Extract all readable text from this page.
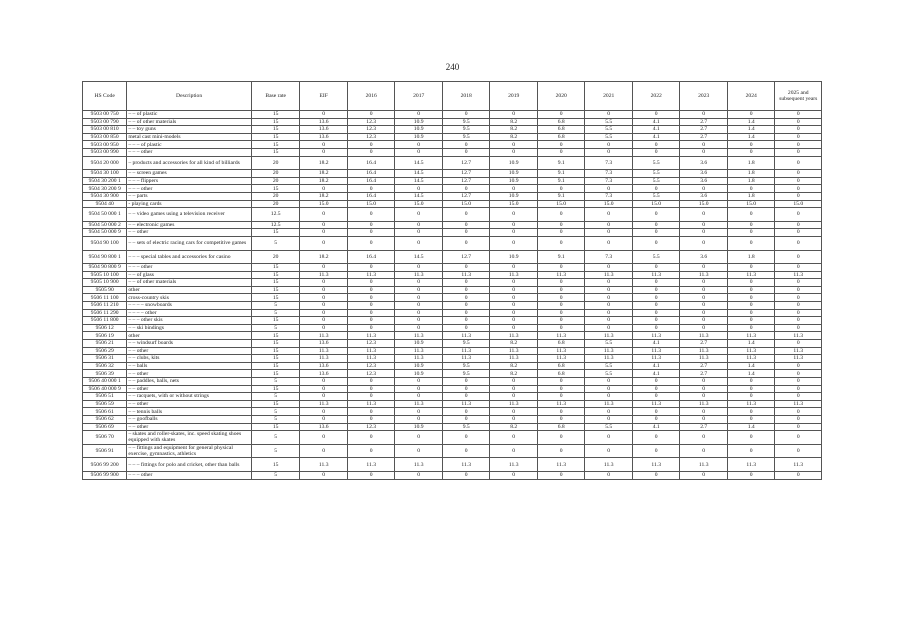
240
HS Code	Description	Base rate	EIF	2016	2017	2018	2019	2020	2021	2022	2023	2024	2025 and subsequent years
9503 00 750	– – of plastic	15	0	0	0	0	0	0	0	0	0	0	0
9503 00 790	– – of other materials	15	13.6	12.3	10.9	9.5	8.2	6.8	5.5	4.1	2.7	1.4	0
9503 00 810	– – toy guns	15	13.6	12.3	10.9	9.5	8.2	6.8	5.5	4.1	2.7	1.4	0
9503 00 850	metal cast mini-models	15	13.6	12.3	10.9	9.5	8.2	6.8	5.5	4.1	2.7	1.4	0
9503 00 950	– – – of plastic	15	0	0	0	0	0	0	0	0	0	0	0
9503 00 990	– – – other	15	0	0	0	0	0	0	0	0	0	0	0
9504 20 000	– products and accessories for all kind of billiards	20	18.2	16.4	14.5	12.7	10.9	9.1	7.3	5.5	3.6	1.8	0
9504 30 100	– – screen games	20	18.2	16.4	14.5	12.7	10.9	9.1	7.3	5.5	3.6	1.8	0
9504 30 200 1	– – – flippers	20	18.2	16.4	14.5	12.7	10.9	9.1	7.3	5.5	3.6	1.8	0
9504 30 200 9	– – – other	15	0	0	0	0	0	0	0	0	0	0	0
9504 30 900	– – parts	20	18.2	16.4	14.5	12.7	10.9	9.1	7.3	5.5	3.6	1.8	0
9504 40	- playing cards	20	15.0	15.0	15.0	15.0	15.0	15.0	15.0	15.0	15.0	15.0	15.0
9504 50 000 1	– – video games using a television receiver	12.5	0	0	0	0	0	0	0	0	0	0	0
9504 50 000 2	– – electronic games	12.5	0	0	0	0	0	0	0	0	0	0	0
9504 50 000 9	– – other	15	0	0	0	0	0	0	0	0	0	0	0
9504 90 100	– – sets of electric racing cars for competitive games	5	0	0	0	0	0	0	0	0	0	0	0
9504 90 800 1	– – – special tables and accessories for casino	20	18.2	16.4	14.5	12.7	10.9	9.1	7.3	5.5	3.6	1.8	0
9504 90 800 9	– – – other	15	0	0	0	0	0	0	0	0	0	0	0
9505 10 100	– – of glass	15	11.3	11.3	11.3	11.3	11.3	11.3	11.3	11.3	11.3	11.3	11.3
9505 10 900	– – of other materials	15	0	0	0	0	0	0	0	0	0	0	0
9505 90	other	15	0	0	0	0	0	0	0	0	0	0	0
9506 11 100	cross-country skis	15	0	0	0	0	0	0	0	0	0	0	0
9506 11 210	– – – – snowboards	5	0	0	0	0	0	0	0	0	0	0	0
9506 11 290	– – – – other	5	0	0	0	0	0	0	0	0	0	0	0
9506 11 800	– – – other skis	15	0	0	0	0	0	0	0	0	0	0	0
9506 12	– – ski bindings	5	0	0	0	0	0	0	0	0	0	0	0
9506 19	other	15	11.3	11.3	11.3	11.3	11.3	11.3	11.3	11.3	11.3	11.3	11.3
9506 21	– – windsurf boards	15	13.6	12.3	10.9	9.5	8.2	6.8	5.5	4.1	2.7	1.4	0
9506 29	– – other	15	11.3	11.3	11.3	11.3	11.3	11.3	11.3	11.3	11.3	11.3	11.3
9506 31	– – clubs, kits	15	11.3	11.3	11.3	11.3	11.3	11.3	11.3	11.3	11.3	11.3	11.3
9506 32	– – balls	15	13.6	12.3	10.9	9.5	8.2	6.8	5.5	4.1	2.7	1.4	0
9506 39	– – other	15	13.6	12.3	10.9	9.5	8.2	6.8	5.5	4.1	2.7	1.4	0
9506 40 000 1	– – paddles, balls, nets	5	0	0	0	0	0	0	0	0	0	0	0
9506 40 000 9	– – other	15	0	0	0	0	0	0	0	0	0	0	0
9506 51	– – racquets, with or without strings	5	0	0	0	0	0	0	0	0	0	0	0
9506 59	– – other	15	11.3	11.3	11.3	11.3	11.3	11.3	11.3	11.3	11.3	11.3	11.3
9506 61	– – tennis balls	5	0	0	0	0	0	0	0	0	0	0	0
9506 62	– – goofballs	5	0	0	0	0	0	0	0	0	0	0	0
9506 69	– – other	15	13.6	12.3	10.9	9.5	8.2	6.8	5.5	4.1	2.7	1.4	0
9506 70	– skates and roller-skates, inc. speed skating shoes equipped with skates	5	0	0	0	0	0	0	0	0	0	0	0
9506 91	– – fittings and equipment for general physical exercise, gymnastics, athletics	5	0	0	0	0	0	0	0	0	0	0	0
9506 99 200	– – – fittings for polo and cricket, other than balls	15	11.3	11.3	11.3	11.3	11.3	11.3	11.3	11.3	11.3	11.3	11.3
9506 99 900	– – – other	5	0	0	0	0	0	0	0	0	0	0	0
